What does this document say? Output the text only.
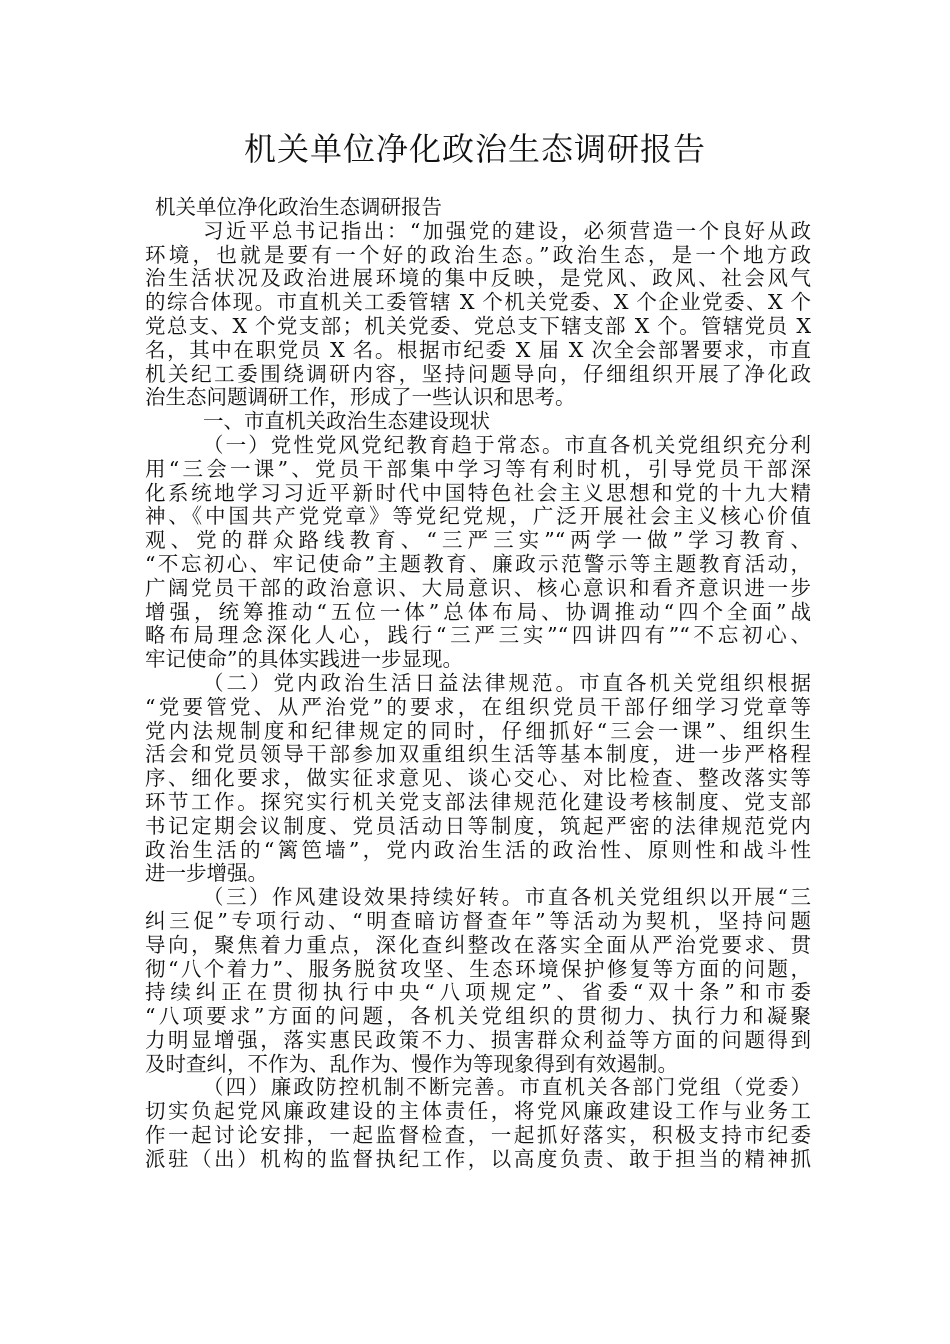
机关单位净化政治生态调研报告
机关单位净化政治生态调研报告
习近平总书记指出：“加强党的建设，必须营造一个良好从政
环境，也就是要有一个好的政治生态。”政治生态，是一个地方政
治生活状况及政治进展环境的集中反映，是党风、政风、社会风气
的综合体现。市直机关工委管辖 X 个机关党委、X 个企业党委、X 个
党总支、X 个党支部；机关党委、党总支下辖支部 X 个。管辖党员 X
名，其中在职党员 X 名。根据市纪委 X 届 X 次全会部署要求，市直
机关纪工委围绕调研内容，坚持问题导向，仔细组织开展了净化政
治生态问题调研工作，形成了一些认识和思考。
一、市直机关政治生态建设现状
（一）党性党风党纪教育趋于常态。市直各机关党组织充分利
用“三会一课”、党员干部集中学习等有利时机，引导党员干部深
化系统地学习习近平新时代中国特色社会主义思想和党的十九大精
神、《中国共产党党章》等党纪党规，广泛开展社会主义核心价值
观、党的群众路线教育、“三严三实”“两学一做”学习教育、
“不忘初心、牢记使命”主题教育、廉政示范警示等主题教育活动，
广阔党员干部的政治意识、大局意识、核心意识和看齐意识进一步
增强，统筹推动“五位一体”总体布局、协调推动“四个全面”战
略布局理念深化人心，践行“三严三实”“四讲四有”“不忘初心、
牢记使命”的具体实践进一步显现。
（二）党内政治生活日益法律规范。市直各机关党组织根据
“党要管党、从严治党”的要求，在组织党员干部仔细学习党章等
党内法规制度和纪律规定的同时，仔细抓好“三会一课”、组织生
活会和党员领导干部参加双重组织生活等基本制度，进一步严格程
序、细化要求，做实征求意见、谈心交心、对比检查、整改落实等
环节工作。探究实行机关党支部法律规范化建设考核制度、党支部
书记定期会议制度、党员活动日等制度，筑起严密的法律规范党内
政治生活的“篱笆墙”，党内政治生活的政治性、原则性和战斗性
进一步增强。
（三）作风建设效果持续好转。市直各机关党组织以开展“三
纠三促”专项行动、“明查暗访督查年”等活动为契机，坚持问题
导向，聚焦着力重点，深化查纠整改在落实全面从严治党要求、贯
彻“八个着力”、服务脱贫攻坚、生态环境保护修复等方面的问题，
持续纠正在贯彻执行中央“八项规定”、省委“双十条”和市委
“八项要求”方面的问题，各机关党组织的贯彻力、执行力和凝聚
力明显增强，落实惠民政策不力、损害群众利益等方面的问题得到
及时查纠，不作为、乱作为、慢作为等现象得到有效遏制。
（四）廉政防控机制不断完善。市直机关各部门党组（党委）
切实负起党风廉政建设的主体责任，将党风廉政建设工作与业务工
作一起讨论安排，一起监督检查，一起抓好落实，积极支持市纪委
派驻（出）机构的监督执纪工作，以高度负责、敢于担当的精神抓
